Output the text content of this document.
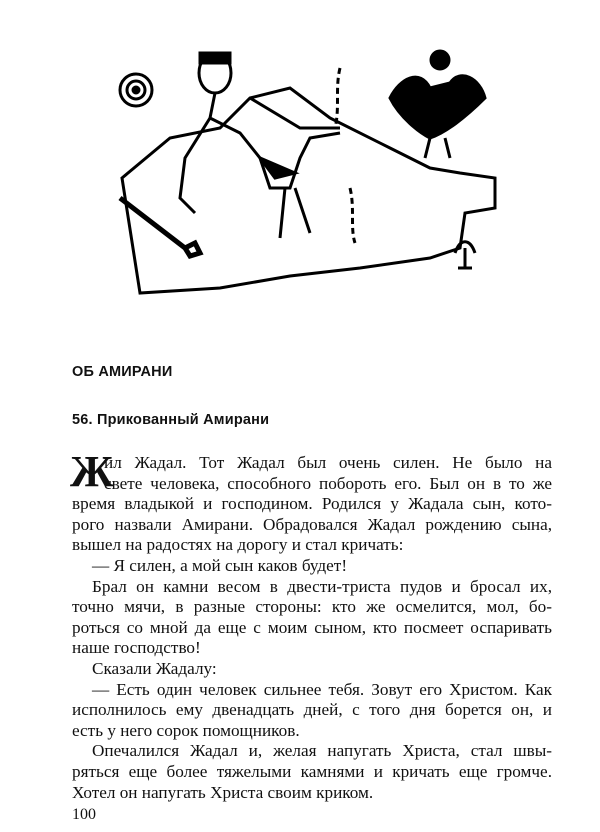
ОБ АМИРАНИ
56. Прикованный Амирани
Ж
ил Жадал. Тот Жадал был очень силен. Не было на
свете человека, способного побороть его. Был он в то же
время владыкой и господином. Родился у Жадала сын, кото-
рого назвали Амирани. Обрадовался Жадал рождению сына,
вышел на радостях на дорогу и стал кричать:
— Я силен, а мой сын каков будет!
Брал он камни весом в двести-триста пудов и бросал их,
точно мячи, в разные стороны: кто же осмелится, мол, бо-
роться со мной да еще с моим сыном, кто посмеет оспаривать
наше господство!
Сказали Жадалу:
— Есть один человек сильнее тебя. Зовут его Христом. Как
исполнилось ему двенадцать дней, с того дня борется он, и
есть у него сорок помощников.
Опечалился Жадал и, желая напугать Христа, стал швы-
ряться еще более тяжелыми камнями и кричать еще громче.
Хотел он напугать Христа своим криком.
100
